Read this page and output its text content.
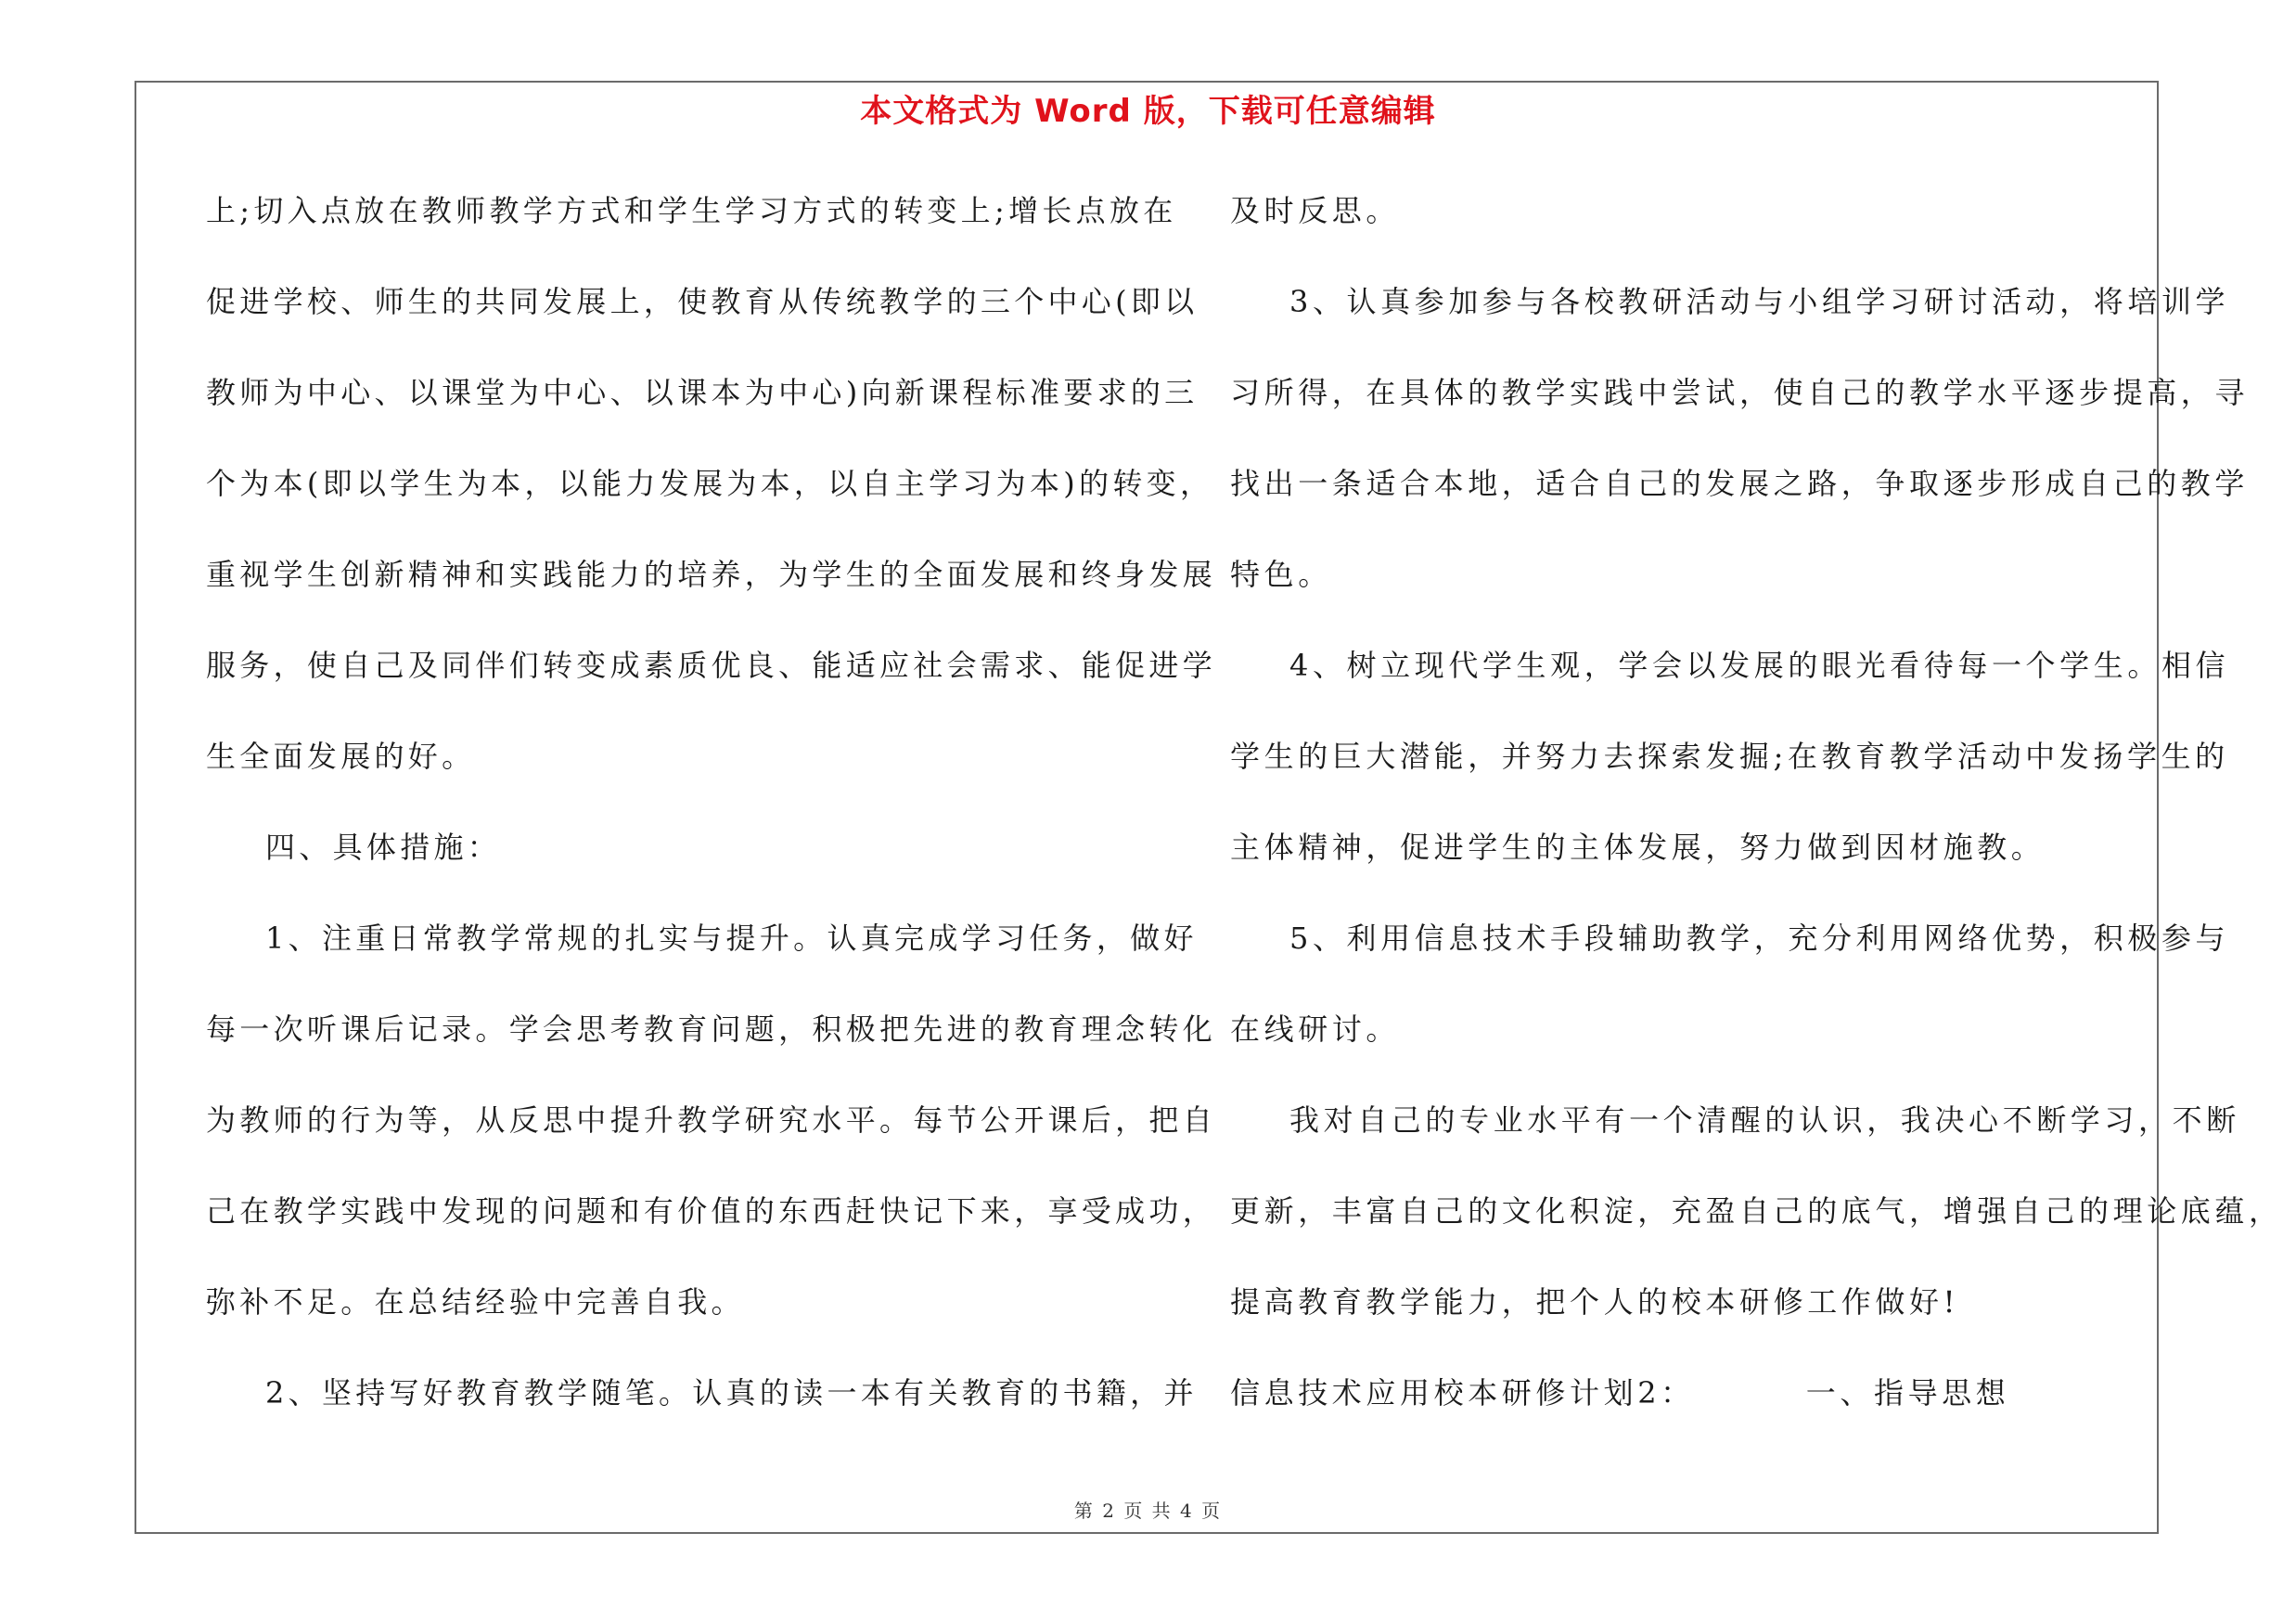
本文格式为 Word 版，下载可任意编辑
上;切入点放在教师教学方式和学生学习方式的转变上;增长点放在
促进学校、师生的共同发展上，使教育从传统教学的三个中心(即以
教师为中心、以课堂为中心、以课本为中心)向新课程标准要求的三
个为本(即以学生为本，以能力发展为本，以自主学习为本)的转变，
重视学生创新精神和实践能力的培养，为学生的全面发展和终身发展
服务，使自己及同伴们转变成素质优良、能适应社会需求、能促进学
生全面发展的好。
四、具体措施：
1、注重日常教学常规的扎实与提升。认真完成学习任务，做好
每一次听课后记录。学会思考教育问题，积极把先进的教育理念转化
为教师的行为等，从反思中提升教学研究水平。每节公开课后，把自
己在教学实践中发现的问题和有价值的东西赶快记下来，享受成功，
弥补不足。在总结经验中完善自我。
2、坚持写好教育教学随笔。认真的读一本有关教育的书籍，并
及时反思。
3、认真参加参与各校教研活动与小组学习研讨活动，将培训学
习所得，在具体的教学实践中尝试，使自己的教学水平逐步提高，寻
找出一条适合本地，适合自己的发展之路，争取逐步形成自己的教学
特色。
4、树立现代学生观，学会以发展的眼光看待每一个学生。相信
学生的巨大潜能，并努力去探索发掘;在教育教学活动中发扬学生的
主体精神，促进学生的主体发展，努力做到因材施教。
5、利用信息技术手段辅助教学，充分利用网络优势，积极参与
在线研讨。
我对自己的专业水平有一个清醒的认识，我决心不断学习，不断
更新，丰富自己的文化积淀，充盈自己的底气，增强自己的理论底蕴，
提高教育教学能力，把个人的校本研修工作做好!
信息技术应用校本研修计划2：	一、指导思想
第 2 页 共 4 页
